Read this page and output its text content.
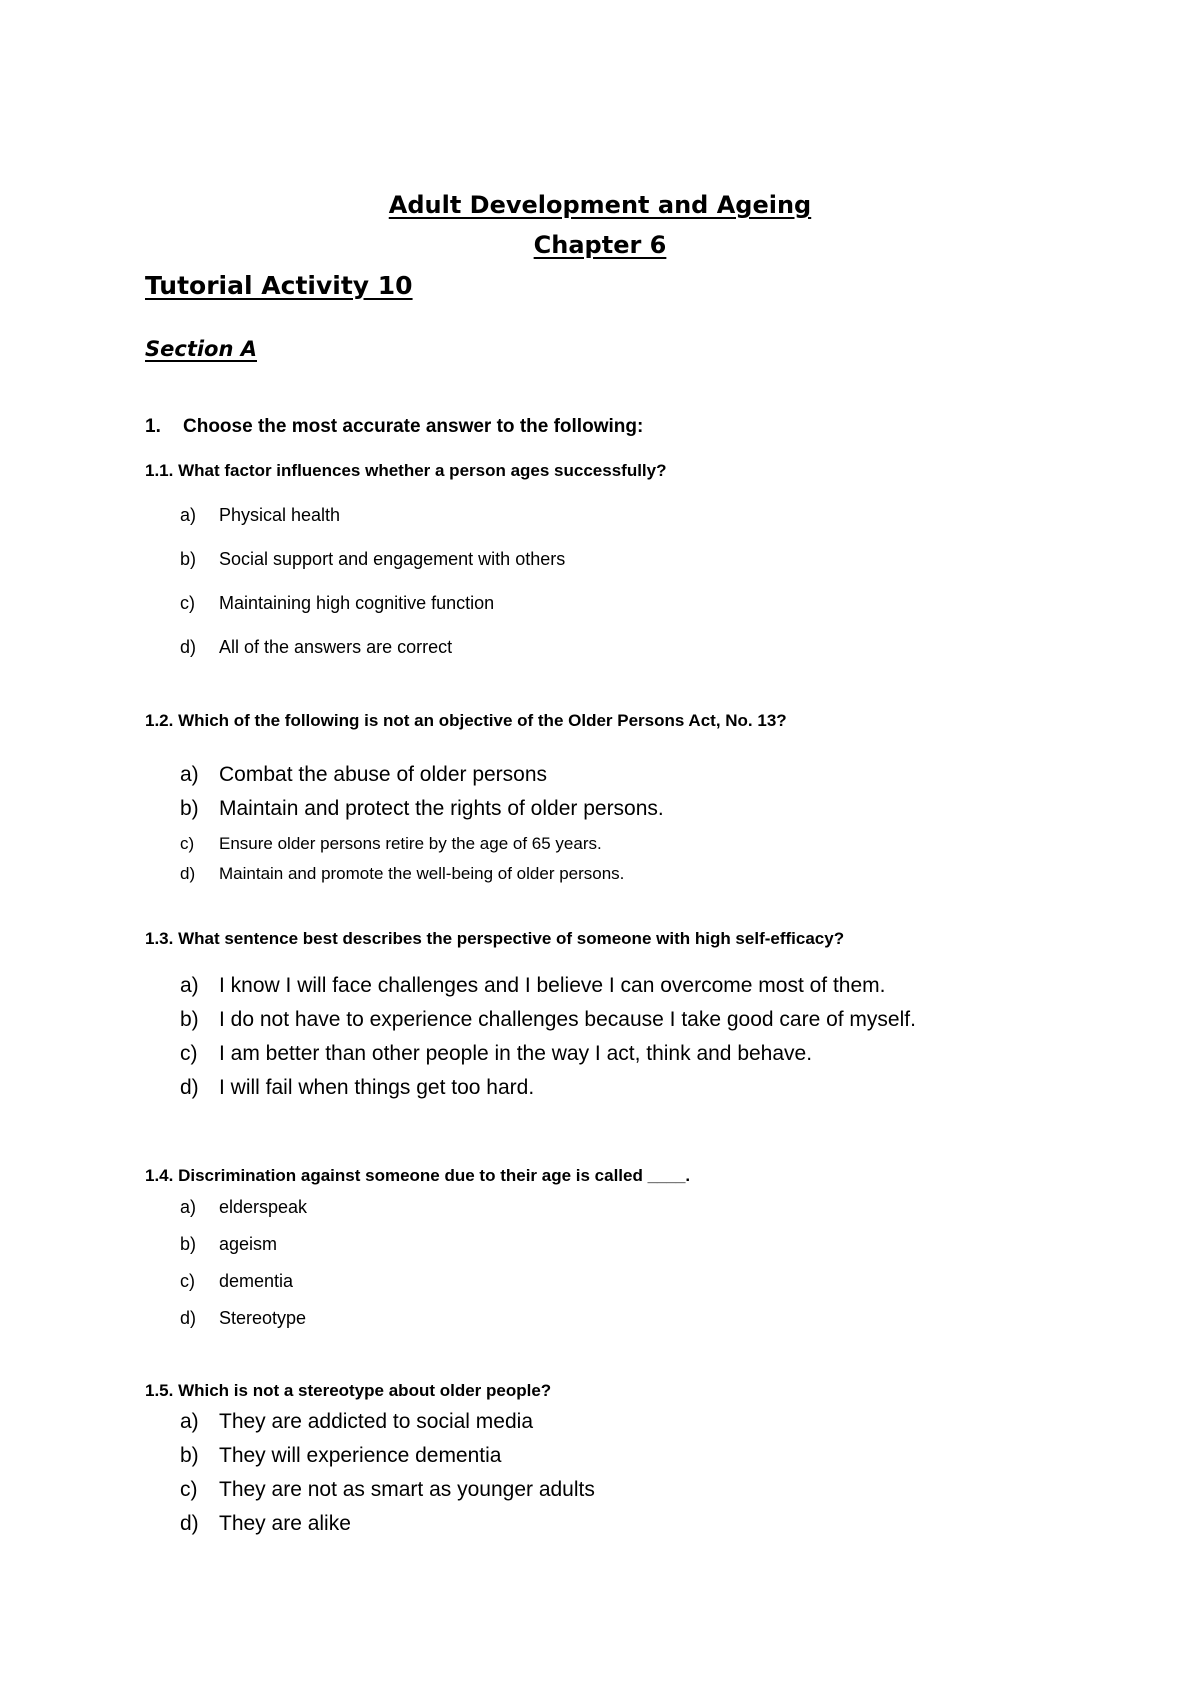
Adult Development and Ageing
Chapter 6
Tutorial Activity 10
Section A
1. Choose the most accurate answer to the following:
1.1. What factor influences whether a person ages successfully?
a) Physical health
b) Social support and engagement with others
c) Maintaining high cognitive function
d) All of the answers are correct
1.2. Which of the following is not an objective of the Older Persons Act, No. 13?
a) Combat the abuse of older persons
b) Maintain and protect the rights of older persons.
c) Ensure older persons retire by the age of 65 years.
d) Maintain and promote the well-being of older persons.
1.3. What sentence best describes the perspective of someone with high self-efficacy?
a) I know I will face challenges and I believe I can overcome most of them.
b) I do not have to experience challenges because I take good care of myself.
c) I am better than other people in the way I act, think and behave.
d) I will fail when things get too hard.
1.4. Discrimination against someone due to their age is called ____.
a) elderspeak
b) ageism
c) dementia
d) Stereotype
1.5. Which is not a stereotype about older people?
a) They are addicted to social media
b) They will experience dementia
c) They are not as smart as younger adults
d) They are alike
